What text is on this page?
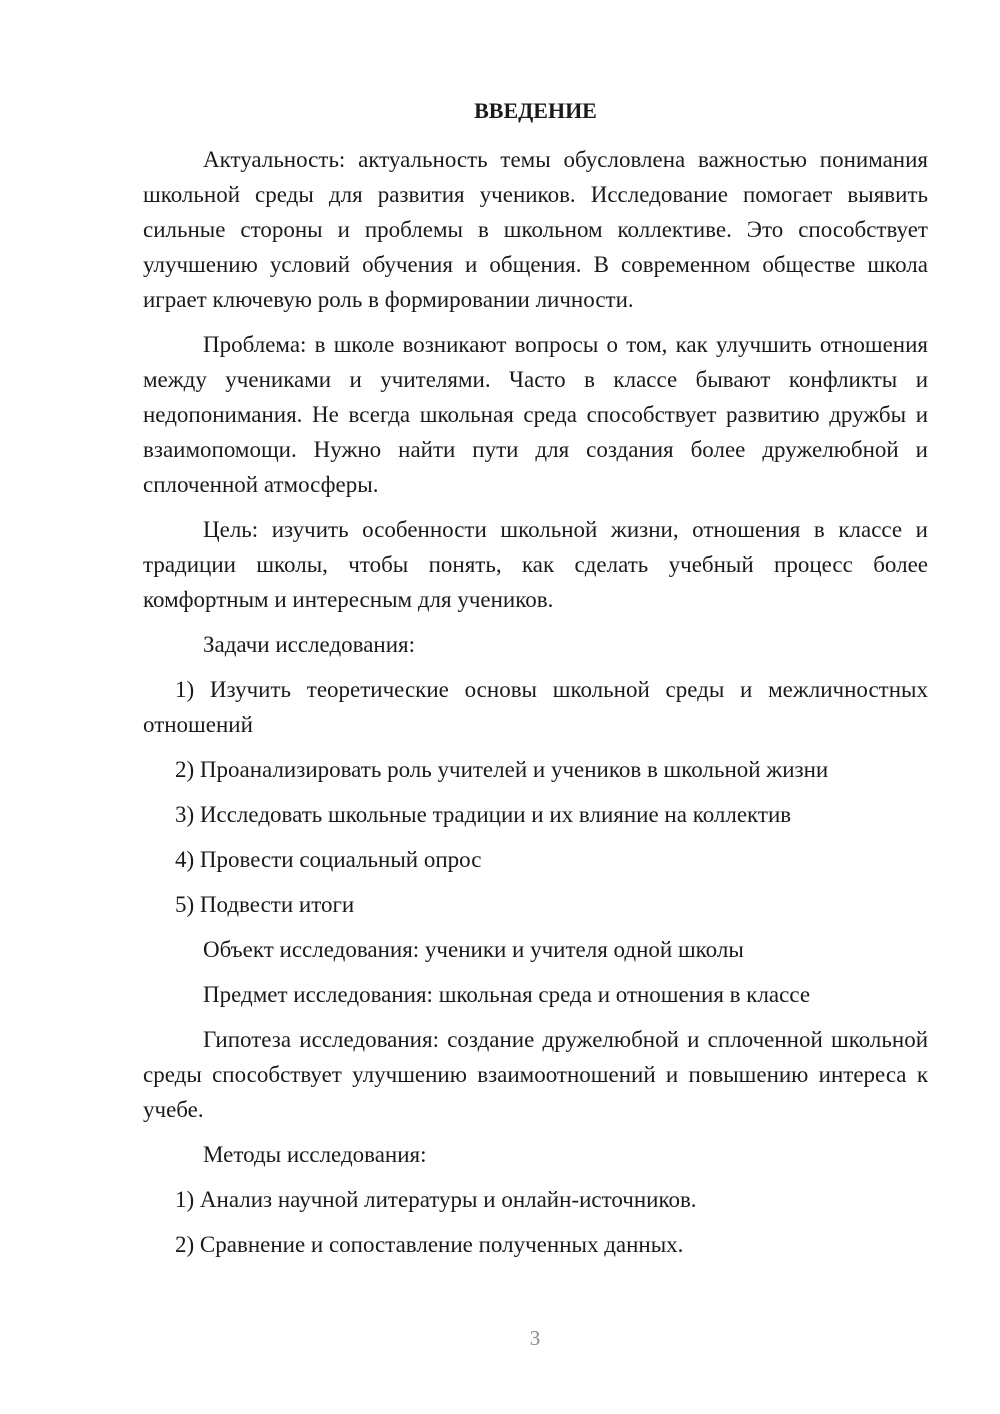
ВВЕДЕНИЕ

Актуальность: актуальность темы обусловлена важностью понимания школьной среды для развития учеников. Исследование помогает выявить сильные стороны и проблемы в школьном коллективе. Это способствует улучшению условий обучения и общения. В современном обществе школа играет ключевую роль в формировании личности.

Проблема: в школе возникают вопросы о том, как улучшить отношения между учениками и учителями. Часто в классе бывают конфликты и недопонимания. Не всегда школьная среда способствует развитию дружбы и взаимопомощи. Нужно найти пути для создания более дружелюбной и сплоченной атмосферы.

Цель: изучить особенности школьной жизни, отношения в классе и традиции школы, чтобы понять, как сделать учебный процесс более комфортным и интересным для учеников.

Задачи исследования:

1) Изучить теоретические основы школьной среды и межличностных отношений

2) Проанализировать роль учителей и учеников в школьной жизни

3) Исследовать школьные традиции и их влияние на коллектив

4) Провести социальный опрос

5) Подвести итоги

Объект исследования: ученики и учителя одной школы

Предмет исследования: школьная среда и отношения в классе

Гипотеза исследования: создание дружелюбной и сплоченной школьной среды способствует улучшению взаимоотношений и повышению интереса к учебе.

Методы исследования:

1) Анализ научной литературы и онлайн-источников.

2) Сравнение и сопоставление полученных данных.

3
